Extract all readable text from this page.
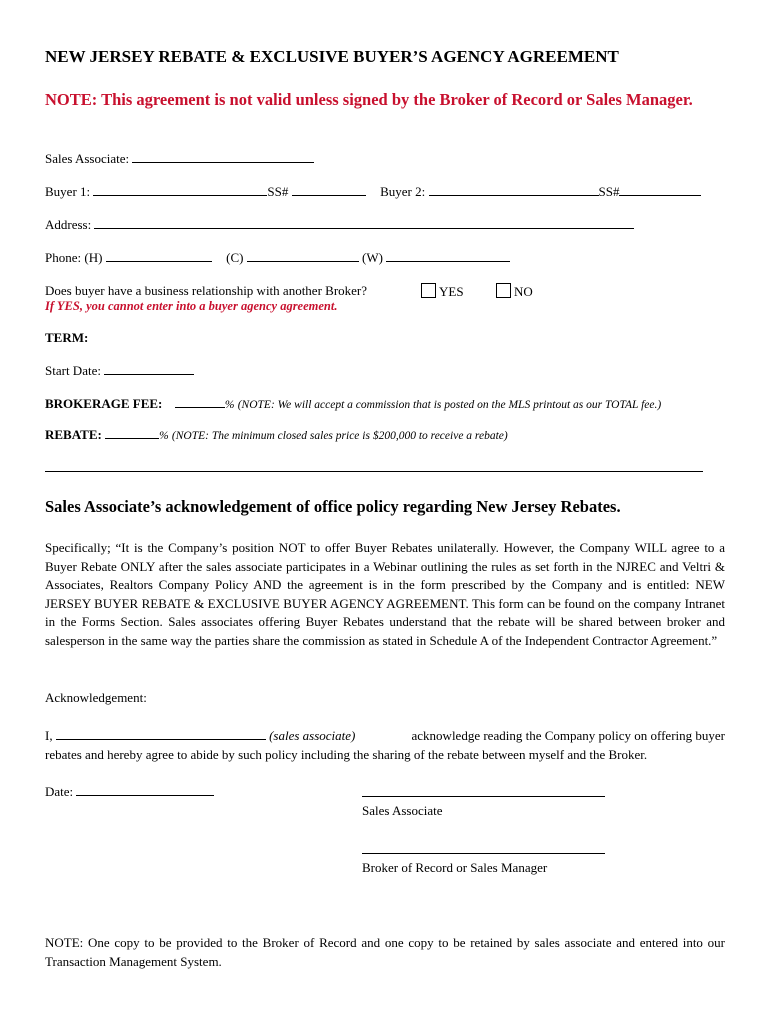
NEW JERSEY REBATE & EXCLUSIVE BUYER’S AGENCY AGREEMENT
NOTE: This agreement is not valid unless signed by the Broker of Record or Sales Manager.
Sales Associate:
Buyer 1:	SS#	Buyer 2:	SS#
Address:
Phone: (H)	(C)	(W)
Does buyer have a business relationship with another Broker?	YES	NO
If YES, you cannot enter into a buyer agency agreement.
TERM:
Start Date:
BROKERAGE FEE:	% (NOTE: We will accept a commission that is posted on the MLS printout as our TOTAL fee.)
REBATE:	% (NOTE: The minimum closed sales price is $200,000 to receive a rebate)
Sales Associate’s acknowledgement of office policy regarding New Jersey Rebates.
Specifically; “It is the Company’s position NOT to offer Buyer Rebates unilaterally. However, the Company WILL agree to a Buyer Rebate ONLY after the sales associate participates in a Webinar outlining the rules as set forth in the NJREC and Veltri & Associates, Realtors Company Policy AND the agreement is in the form prescribed by the Company and is entitled: NEW JERSEY BUYER REBATE & EXCLUSIVE BUYER AGENCY AGREEMENT. This form can be found on the company Intranet in the Forms Section. Sales associates offering Buyer Rebates understand that the rebate will be shared between broker and salesperson in the same way the parties share the commission as stated in Schedule A of the Independent Contractor Agreement.”
Acknowledgement:
I,	(sales associate)	acknowledge reading the Company policy on offering buyer
rebates and hereby agree to abide by such policy including the sharing of the rebate between myself and the Broker.
Date:
Sales Associate
Broker of Record or Sales Manager
NOTE: One copy to be provided to the Broker of Record and one copy to be retained by sales associate and entered into our Transaction Management System.
